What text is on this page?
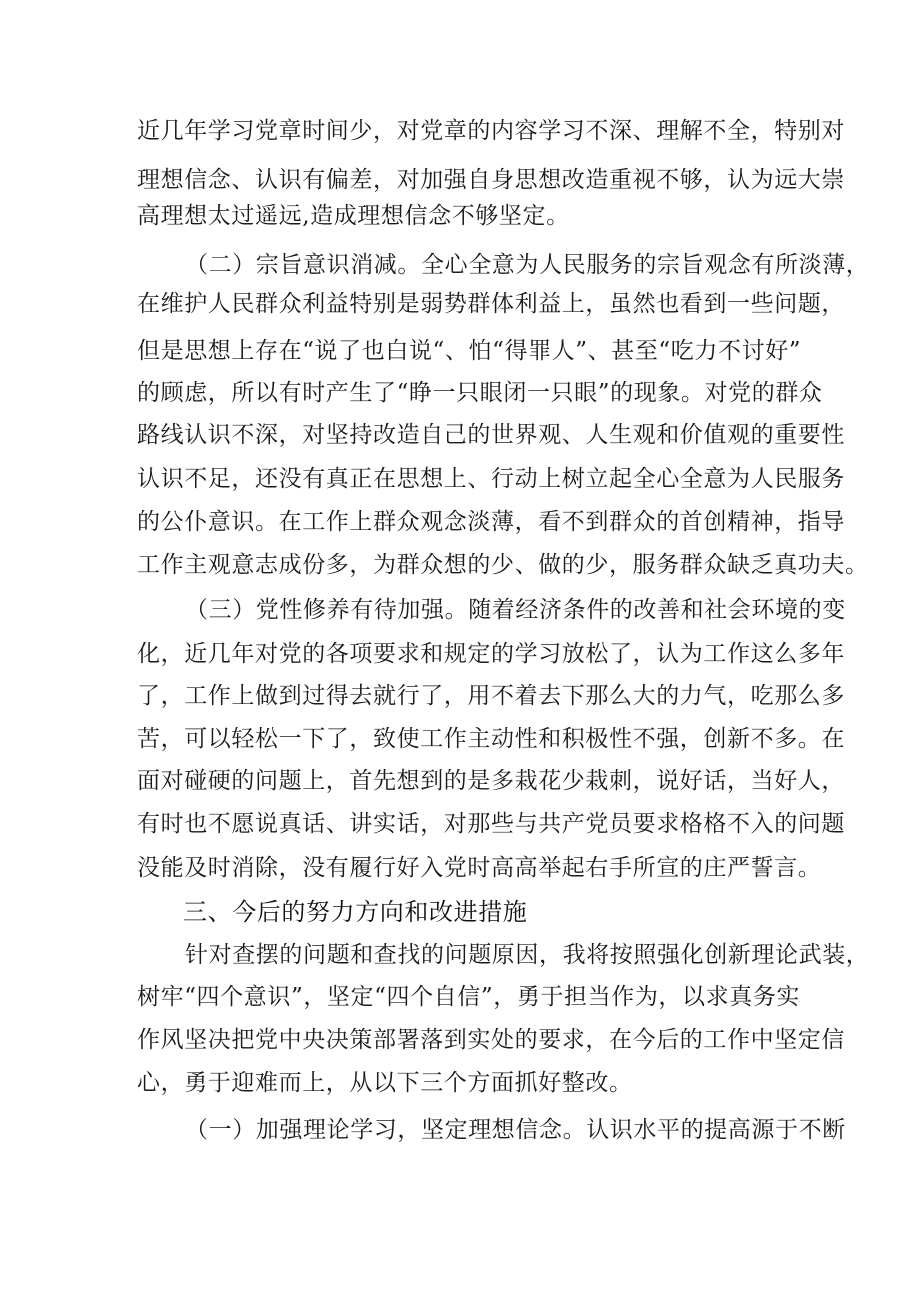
近几年学习党章时间少，对党章的内容学习不深、理解不全，特别对
理想信念、认识有偏差，对加强自身思想改造重视不够，认为远大崇
高理想太过遥远,造成理想信念不够坚定。
（二）宗旨意识消减。全心全意为人民服务的宗旨观念有所淡薄，
在维护人民群众利益特别是弱势群体利益上，虽然也看到一些问题，
但是思想上存在“说了也白说“、怕“得罪人”、甚至“吃力不讨好”
的顾虑，所以有时产生了“睁一只眼闭一只眼”的现象。对党的群众
路线认识不深，对坚持改造自己的世界观、人生观和价值观的重要性
认识不足，还没有真正在思想上、行动上树立起全心全意为人民服务
的公仆意识。在工作上群众观念淡薄，看不到群众的首创精神，指导
工作主观意志成份多，为群众想的少、做的少，服务群众缺乏真功夫。
（三）党性修养有待加强。随着经济条件的改善和社会环境的变
化，近几年对党的各项要求和规定的学习放松了，认为工作这么多年
了，工作上做到过得去就行了，用不着去下那么大的力气，吃那么多
苦，可以轻松一下了，致使工作主动性和积极性不强，创新不多。在
面对碰硬的问题上，首先想到的是多栽花少栽刺，说好话，当好人，
有时也不愿说真话、讲实话，对那些与共产党员要求格格不入的问题
没能及时消除，没有履行好入党时高高举起右手所宣的庄严誓言。
三、今后的努力方向和改进措施
针对查摆的问题和查找的问题原因，我将按照强化创新理论武装，
树牢“四个意识”，坚定“四个自信”，勇于担当作为，以求真务实
作风坚决把党中央决策部署落到实处的要求，在今后的工作中坚定信
心，勇于迎难而上，从以下三个方面抓好整改。
（一）加强理论学习，坚定理想信念。认识水平的提高源于不断
